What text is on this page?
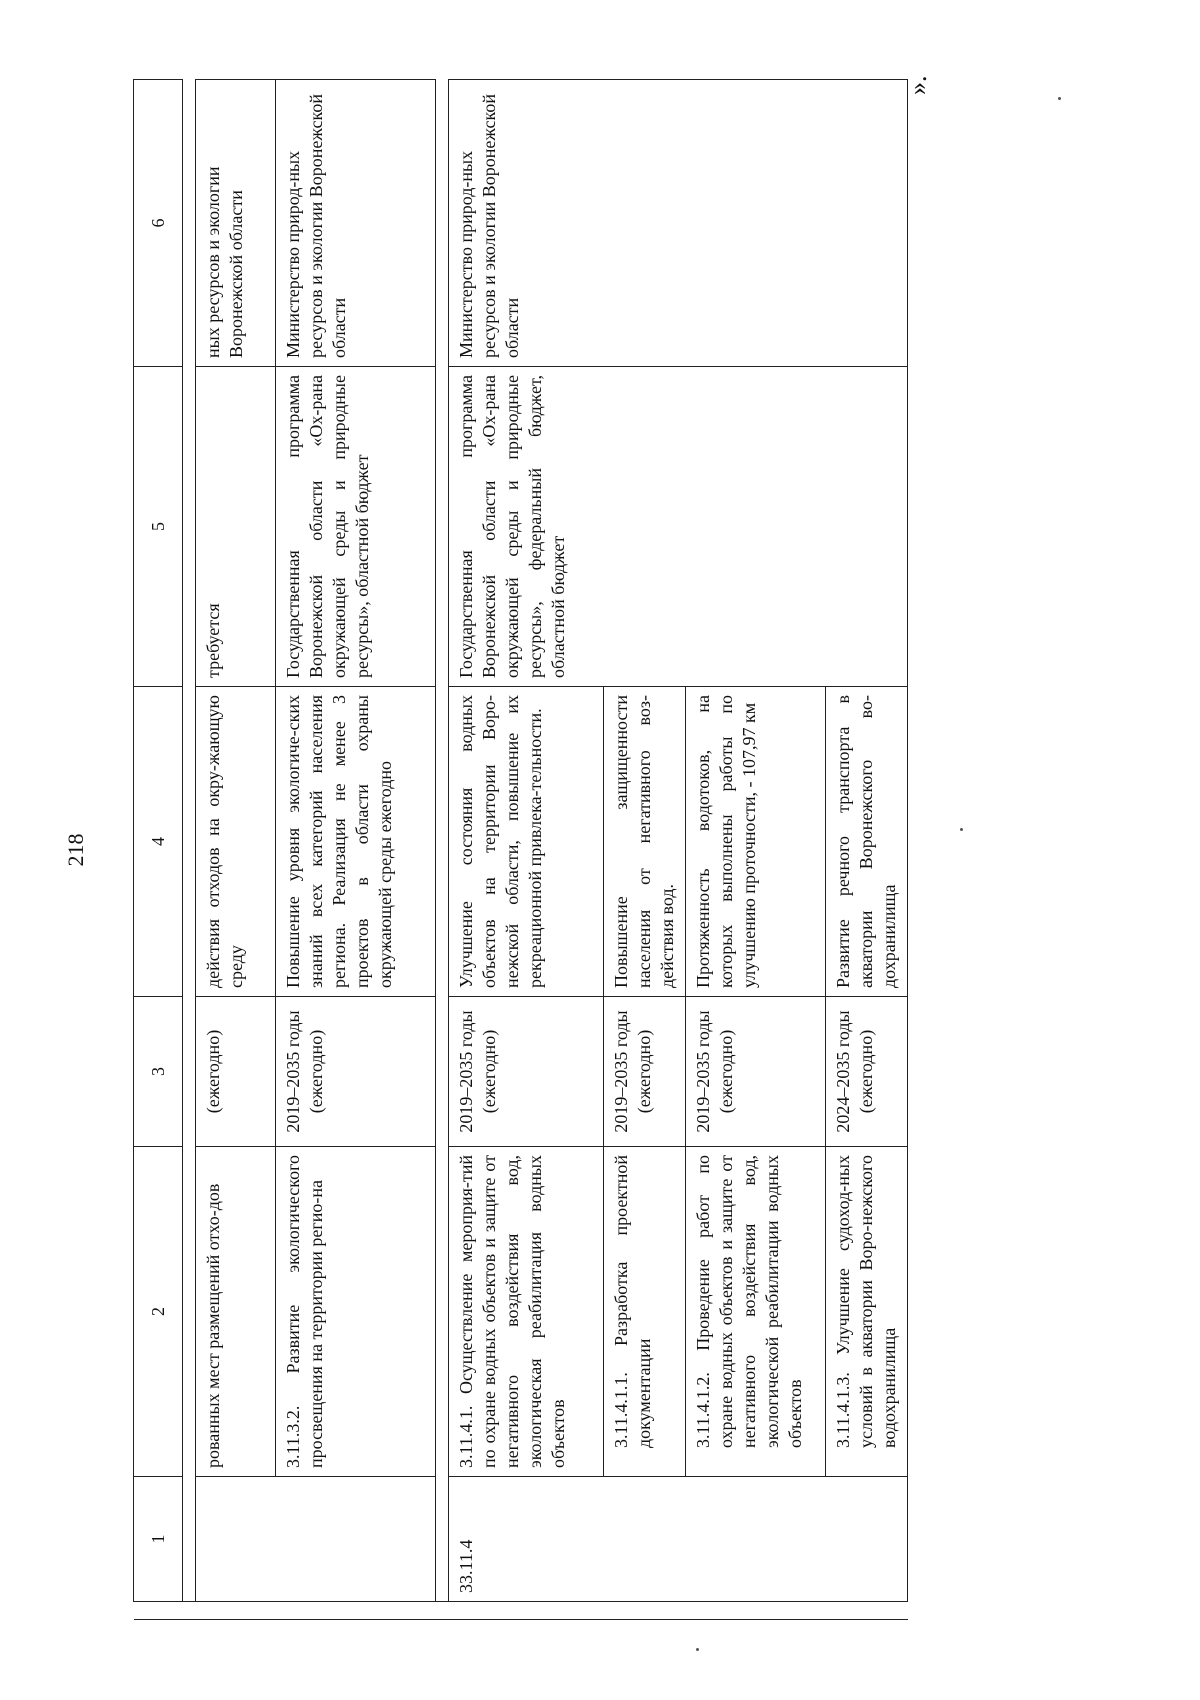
218
	1	2	3	4	5	6

		рованных мест размещений отхо-дов	(ежегодно)	действия отходов на окру-жающую среду	требуется	ных ресурсов и экологии Воронежской области
		3.11.3.2. Развитие экологического просвещения на территории регио-на	2019–2035 годы (ежегодно)	Повышение уровня экологиче-ских знаний всех категорий населения региона. Реализация не менее 3 проектов в области охраны окружающей среды ежегодно	Государственная программа Воронежской области «Ох-рана окружающей среды и природные ресурсы», областной бюджет	Министерство природ-ных ресурсов и экологии Воронежской области

	33.11.4	3.11.4.1. Осуществление мероприя-тий по охране водных объектов и защите от негативного воздействия вод, экологическая реабилитация водных объектов	2019–2035 годы (ежегодно)	Улучшение состояния водных объектов на территории Воро-нежской области, повышение их рекреационной привлека-тельности.	Государственная программа Воронежской области «Ох-рана окружающей среды и природные ресурсы», федеральный бюджет, областной бюджет	Министерство природ-ных ресурсов и экологии Воронежской области
		3.11.4.1.1. Разработка проектной документации	2019–2035 годы (ежегодно)	Повышение защищенности населения от негативного воз-действия вод.		
		3.11.4.1.2. Проведение работ по охране водных объектов и защите от негативного воздействия вод, экологической реабилитации водных объектов	2019–2035 годы (ежегодно)	Протяженность водотоков, на которых выполнены работы по улучшению проточности, - 107,97 км		
		3.11.4.1.3. Улучшение судоход-ных условий в акватории Воро-нежского водохранилища	2024–2035 годы (ежегодно)	Развитие речного транспорта в акватории Воронежского во-дохранилища		
».
